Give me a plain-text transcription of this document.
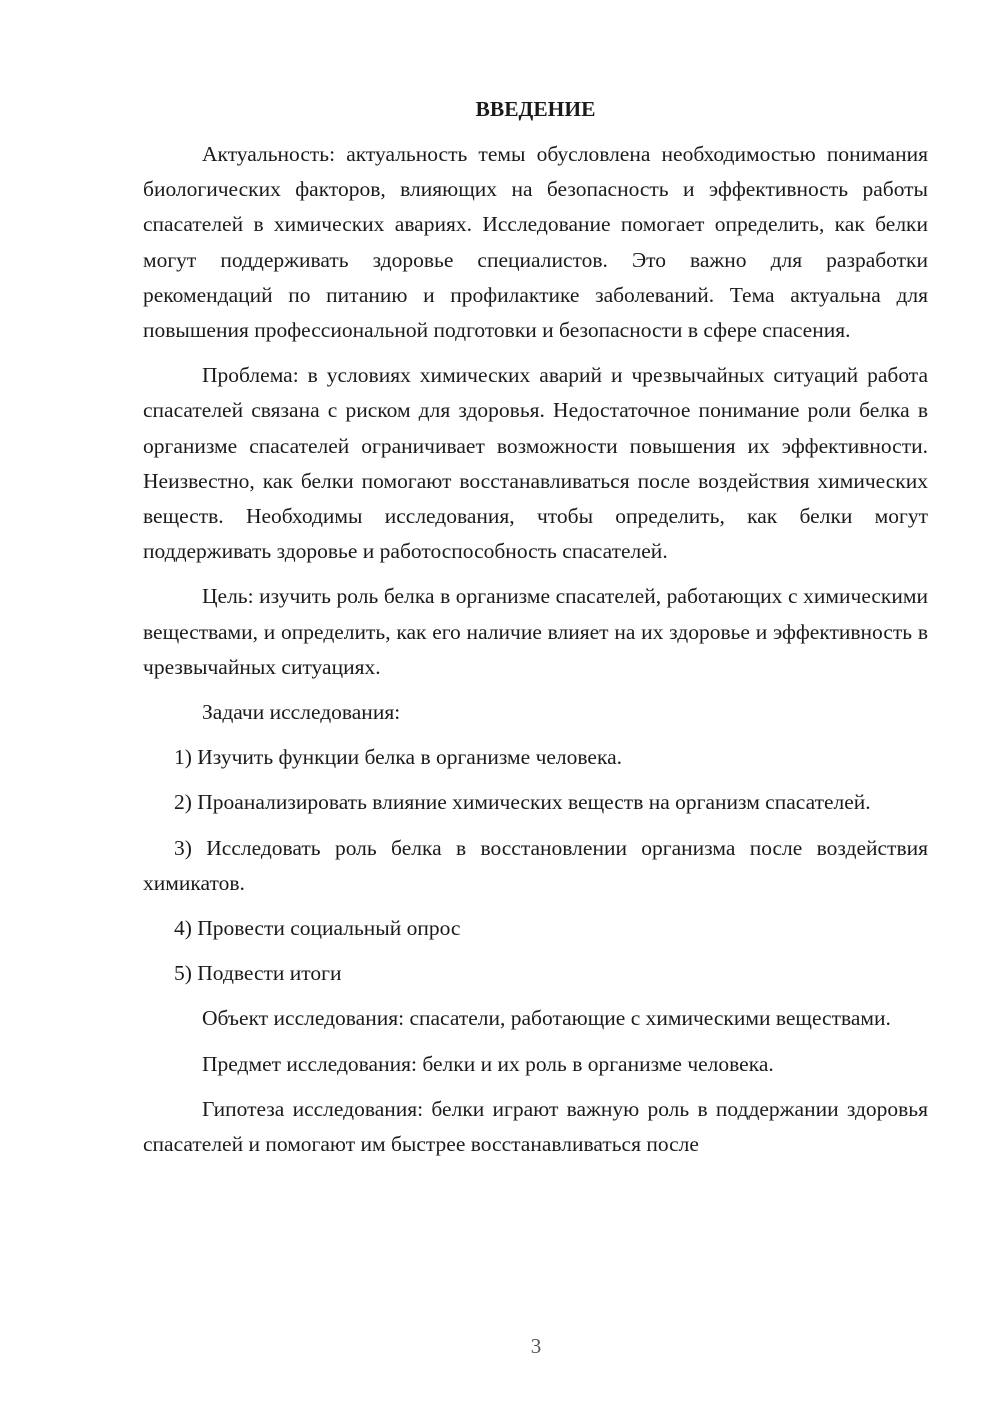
ВВЕДЕНИЕ

Актуальность: актуальность темы обусловлена необходимостью понимания биологических факторов, влияющих на безопасность и эффективность работы спасателей в химических авариях. Исследование помогает определить, как белки могут поддерживать здоровье специалистов. Это важно для разработки рекомендаций по питанию и профилактике заболеваний. Тема актуальна для повышения профессиональной подготовки и безопасности в сфере спасения.

Проблема: в условиях химических аварий и чрезвычайных ситуаций работа спасателей связана с риском для здоровья. Недостаточное понимание роли белка в организме спасателей ограничивает возможности повышения их эффективности. Неизвестно, как белки помогают восстанавливаться после воздействия химических веществ. Необходимы исследования, чтобы определить, как белки могут поддерживать здоровье и работоспособность спасателей.

Цель: изучить роль белка в организме спасателей, работающих с химическими веществами, и определить, как его наличие влияет на их здоровье и эффективность в чрезвычайных ситуациях.

Задачи исследования:

1) Изучить функции белка в организме человека.

2) Проанализировать влияние химических веществ на организм спасателей.

3) Исследовать роль белка в восстановлении организма после воздействия химикатов.

4) Провести социальный опрос

5) Подвести итоги

Объект исследования: спасатели, работающие с химическими веществами.

Предмет исследования: белки и их роль в организме человека.

Гипотеза исследования: белки играют важную роль в поддержании здоровья спасателей и помогают им быстрее восстанавливаться после

3
